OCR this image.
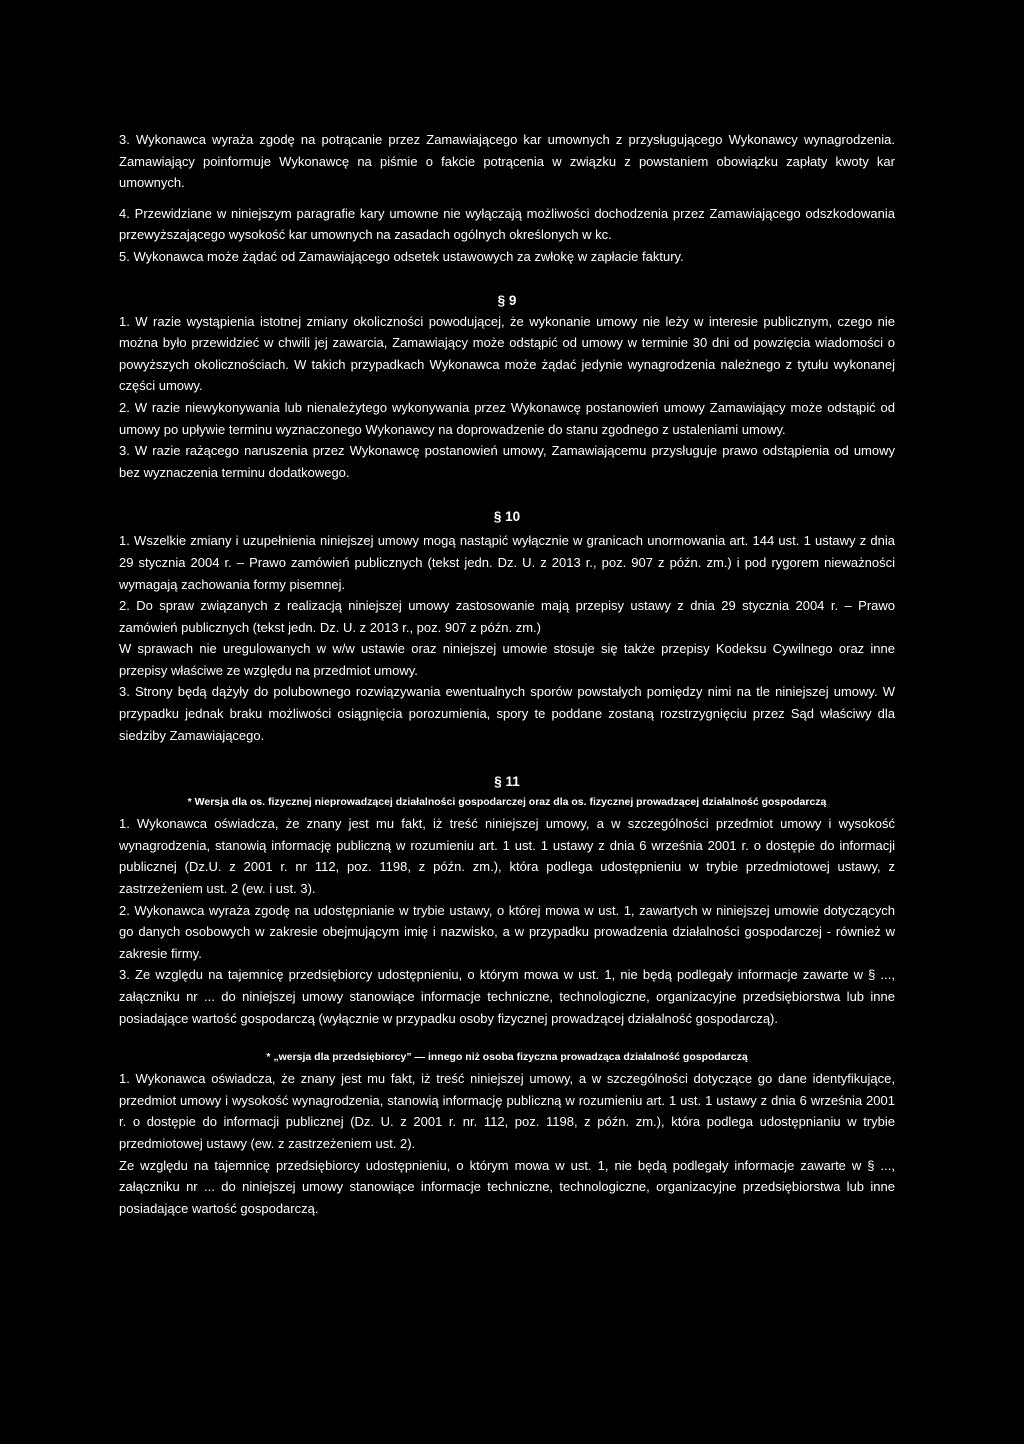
3. Wykonawca wyraża zgodę na potrącanie przez Zamawiającego kar umownych z przysługującego Wykonawcy wynagrodzenia. Zamawiający poinformuje Wykonawcę na piśmie o fakcie potrącenia w związku z powstaniem obowiązku zapłaty kwoty kar umownych.

4. Przewidziane w niniejszym paragrafie kary umowne nie wyłączają możliwości dochodzenia przez Zamawiającego odszkodowania przewyższającego wysokość kar umownych na zasadach ogólnych określonych w kc.

5. Wykonawca może żądać od Zamawiającego odsetek ustawowych za zwłokę w zapłacie faktury.

§ 9

1. W razie wystąpienia istotnej zmiany okoliczności powodującej, że wykonanie umowy nie leży w interesie publicznym, czego nie można było przewidzieć w chwili jej zawarcia, Zamawiający może odstąpić od umowy w terminie 30 dni od powzięcia wiadomości o powyższych okolicznościach. W takich przypadkach Wykonawca może żądać jedynie wynagrodzenia należnego z tytułu wykonanej części umowy.

2. W razie niewykonywania lub nienależytego wykonywania przez Wykonawcę postanowień umowy Zamawiający może odstąpić od umowy po upływie terminu wyznaczonego Wykonawcy na doprowadzenie do stanu zgodnego z ustaleniami umowy.

3. W razie rażącego naruszenia przez Wykonawcę postanowień umowy, Zamawiającemu przysługuje prawo odstąpienia od umowy bez wyznaczenia terminu dodatkowego.

§ 10

1. Wszelkie zmiany i uzupełnienia niniejszej umowy mogą nastąpić wyłącznie w granicach unormowania art. 144 ust. 1 ustawy z dnia 29 stycznia 2004 r. – Prawo zamówień publicznych (tekst jedn. Dz. U. z 2013 r., poz. 907 z późn. zm.) i pod rygorem nieważności wymagają zachowania formy pisemnej.

2. Do spraw związanych z realizacją niniejszej umowy zastosowanie mają przepisy ustawy z dnia 29 stycznia 2004 r. – Prawo zamówień publicznych (tekst jedn. Dz. U. z 2013 r., poz. 907 z późn. zm.)

W sprawach nie uregulowanych w w/w ustawie oraz niniejszej umowie stosuje się także przepisy Kodeksu Cywilnego oraz inne przepisy właściwe ze względu na przedmiot umowy.

3. Strony będą dążyły do polubownego rozwiązywania ewentualnych sporów powstałych pomiędzy nimi na tle niniejszej umowy. W przypadku jednak braku możliwości osiągnięcia porozumienia, spory te poddane zostaną rozstrzygnięciu przez Sąd właściwy dla siedziby Zamawiającego.

§ 11

* Wersja dla os. fizycznej nieprowadzącej działalności gospodarczej oraz dla os. fizycznej prowadzącej działalność gospodarczą

1. Wykonawca oświadcza, że znany jest mu fakt, iż treść niniejszej umowy, a w szczególności przedmiot umowy i wysokość wynagrodzenia, stanowią informację publiczną w rozumieniu art. 1 ust. 1 ustawy z dnia 6 września 2001 r. o dostępie do informacji publicznej (Dz.U. z 2001 r. nr 112, poz. 1198, z późn. zm.), która podlega udostępnieniu w trybie przedmiotowej ustawy, z zastrzeżeniem ust. 2 (ew. i ust. 3).

2. Wykonawca wyraża zgodę na udostępnianie w trybie ustawy, o której mowa w ust. 1, zawartych w niniejszej umowie dotyczących go danych osobowych w zakresie obejmującym imię i nazwisko, a w przypadku prowadzenia działalności gospodarczej - również w zakresie firmy.

3. Ze względu na tajemnicę przedsiębiorcy udostępnieniu, o którym mowa w ust. 1, nie będą podlegały informacje zawarte w § ..., załączniku nr ... do niniejszej umowy stanowiące informacje techniczne, technologiczne, organizacyjne przedsiębiorstwa lub inne posiadające wartość gospodarczą (wyłącznie w przypadku osoby fizycznej prowadzącej działalność gospodarczą).

* „wersja dla przedsiębiorcy” — innego niż osoba fizyczna prowadząca działalność gospodarczą

1. Wykonawca oświadcza, że znany jest mu fakt, iż treść niniejszej umowy, a w szczególności dotyczące go dane identyfikujące, przedmiot umowy i wysokość wynagrodzenia, stanowią informację publiczną w rozumieniu art. 1 ust. 1 ustawy z dnia 6 września 2001 r. o dostępie do informacji publicznej (Dz. U. z 2001 r. nr. 112, poz. 1198, z późn. zm.), która podlega udostępnianiu w trybie przedmiotowej ustawy (ew. z zastrzeżeniem ust. 2).

Ze względu na tajemnicę przedsiębiorcy udostępnieniu, o którym mowa w ust. 1, nie będą podlegały informacje zawarte w § ..., załączniku nr ... do niniejszej umowy stanowiące informacje techniczne, technologiczne, organizacyjne przedsiębiorstwa lub inne posiadające wartość gospodarczą.
